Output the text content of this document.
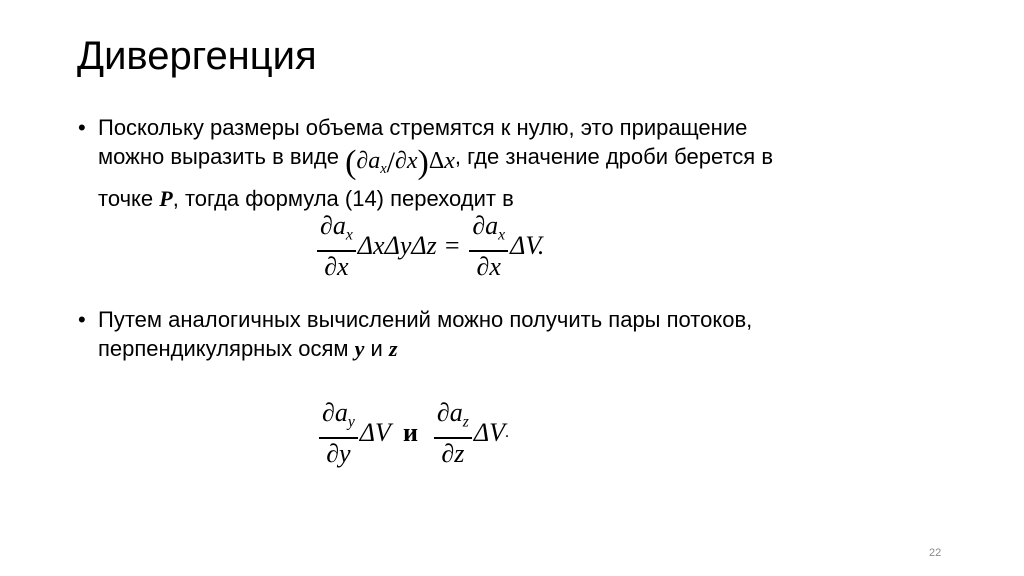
Дивергенция
• Поскольку размеры объема стремятся к нулю, это приращение
можно выразить в виде $(\partial a_x/\partial x)\Delta x$, где значение дроби берется в
точке P, тогда формула (14) переходит в
$\frac{\partial a_x}{\partial x}$ $\Delta x\Delta y\Delta z = \frac{\partial a_x}{\partial x} \Delta V$.
• Путем аналогичных вычислений можно получить пары потоков,
перпендикулярных осям y и z
$\frac{\partial a_y}{\partial y}$ ΔV и $\frac{\partial a_z}{\partial z} \Delta V$.
22
